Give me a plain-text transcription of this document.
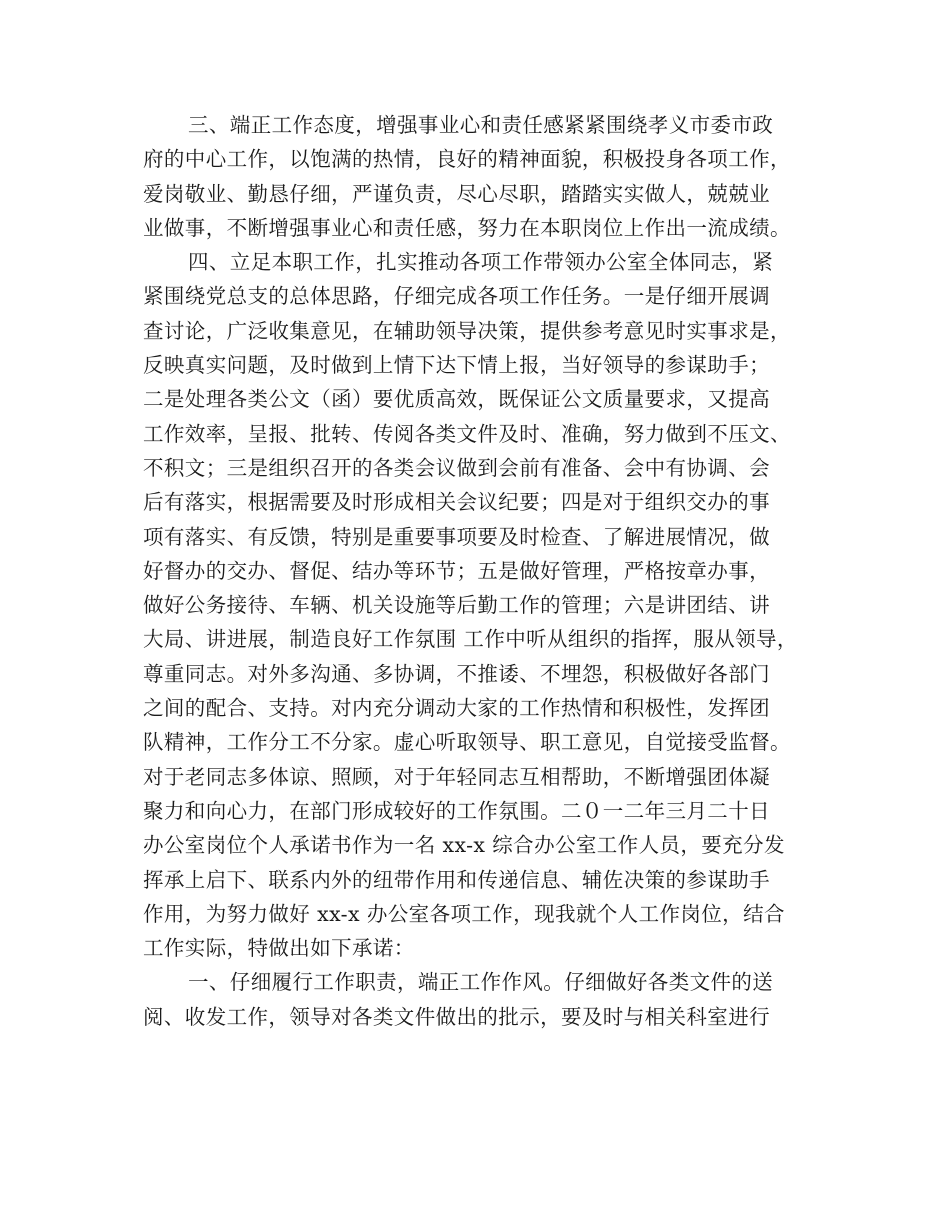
三、端正工作态度，增强事业心和责任感紧紧围绕孝义市委市政
府的中心工作，以饱满的热情，良好的精神面貌，积极投身各项工作，
爱岗敬业、勤恳仔细，严谨负责，尽心尽职，踏踏实实做人，兢兢业
业做事，不断增强事业心和责任感，努力在本职岗位上作出一流成绩。
四、立足本职工作，扎实推动各项工作带领办公室全体同志，紧
紧围绕党总支的总体思路，仔细完成各项工作任务。一是仔细开展调
查讨论，广泛收集意见，在辅助领导决策，提供参考意见时实事求是，
反映真实问题，及时做到上情下达下情上报，当好领导的参谋助手；
二是处理各类公文（函）要优质高效，既保证公文质量要求，又提高
工作效率，呈报、批转、传阅各类文件及时、准确，努力做到不压文、
不积文；三是组织召开的各类会议做到会前有准备、会中有协调、会
后有落实，根据需要及时形成相关会议纪要；四是对于组织交办的事
项有落实、有反馈，特别是重要事项要及时检查、了解进展情况，做
好督办的交办、督促、结办等环节；五是做好管理，严格按章办事，
做好公务接待、车辆、机关设施等后勤工作的管理；六是讲团结、讲
大局、讲进展，制造良好工作氛围 工作中听从组织的指挥，服从领导，
尊重同志。对外多沟通、多协调，不推诿、不埋怨，积极做好各部门
之间的配合、支持。对内充分调动大家的工作热情和积极性，发挥团
队精神，工作分工不分家。虚心听取领导、职工意见，自觉接受监督。
对于老同志多体谅、照顾，对于年轻同志互相帮助，不断增强团体凝
聚力和向心力，在部门形成较好的工作氛围。二０一二年三月二十日
办公室岗位个人承诺书作为一名 xx-x 综合办公室工作人员，要充分发
挥承上启下、联系内外的纽带作用和传递信息、辅佐决策的参谋助手
作用，为努力做好 xx-x 办公室各项工作，现我就个人工作岗位，结合
工作实际，特做出如下承诺：
一、仔细履行工作职责，端正工作作风。仔细做好各类文件的送
阅、收发工作，领导对各类文件做出的批示，要及时与相关科室进行
